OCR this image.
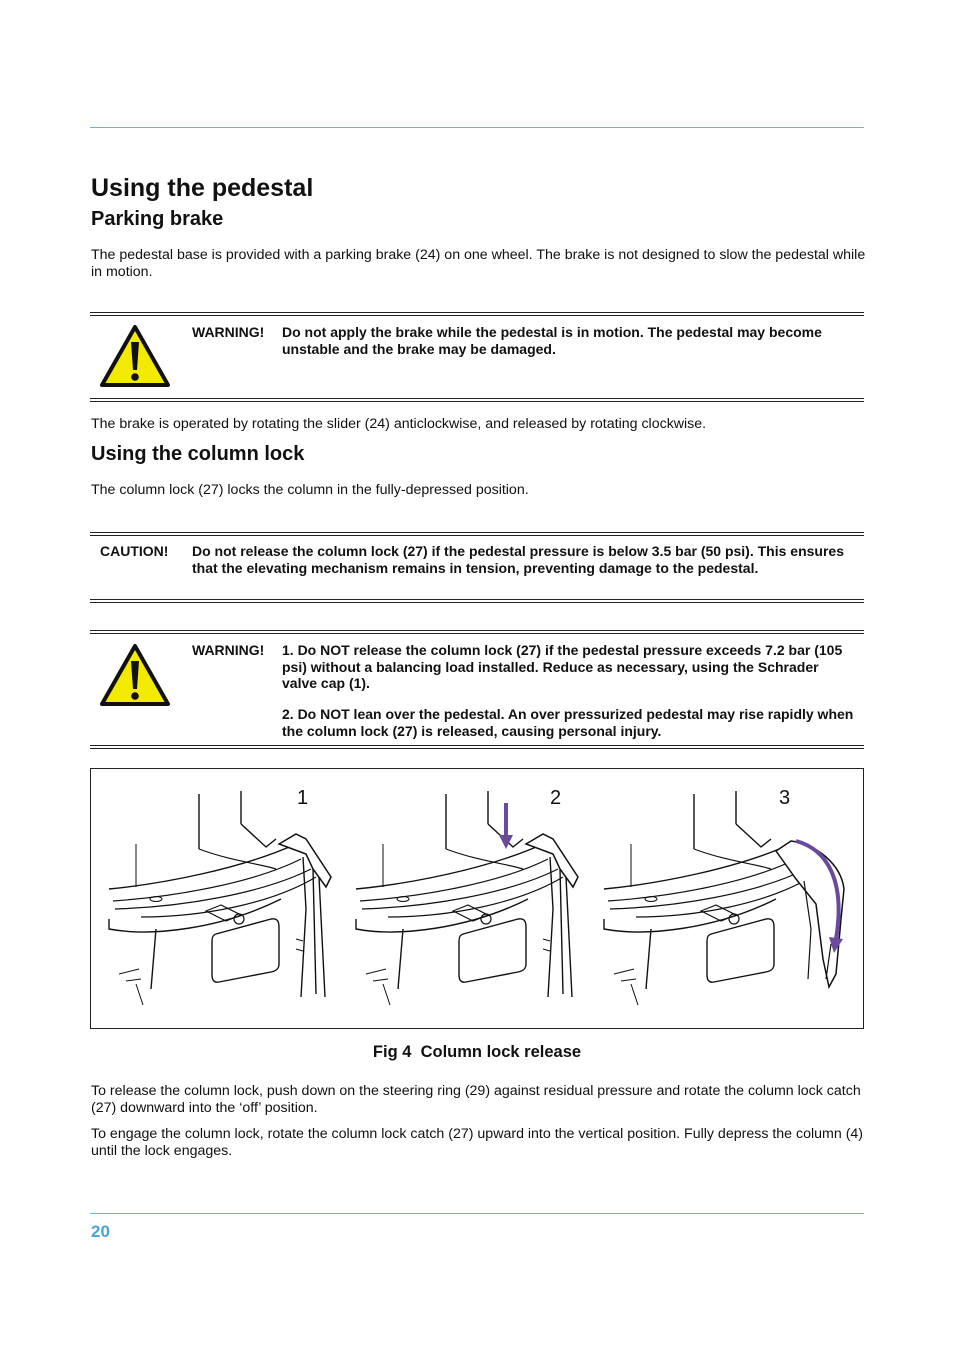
Using the pedestal
Parking brake

The pedestal base is provided with a parking brake (24) on one wheel. The brake is not designed to slow the pedestal while in motion.

WARNING! Do not apply the brake while the pedestal is in motion. The pedestal may become unstable and the brake may be damaged.

The brake is operated by rotating the slider (24) anticlockwise, and released by rotating clockwise.

Using the column lock

The column lock (27) locks the column in the fully-depressed position.

CAUTION! Do not release the column lock (27) if the pedestal pressure is below 3.5 bar (50 psi). This ensures that the elevating mechanism remains in tension, preventing damage to the pedestal.

WARNING! 1. Do NOT release the column lock (27) if the pedestal pressure exceeds 7.2 bar (105 psi) without a balancing load installed. Reduce as necessary, using the Schrader valve cap (1).

2. Do NOT lean over the pedestal. An over pressurized pedestal may rise rapidly when the column lock (27) is released, causing personal injury.

1	2	3
Fig 4  Column lock release

To release the column lock, push down on the steering ring (29) against residual pressure and rotate the column lock catch (27) downward into the ‘off’ position.

To engage the column lock, rotate the column lock catch (27) upward into the vertical position. Fully depress the column (4) until the lock engages.

20
